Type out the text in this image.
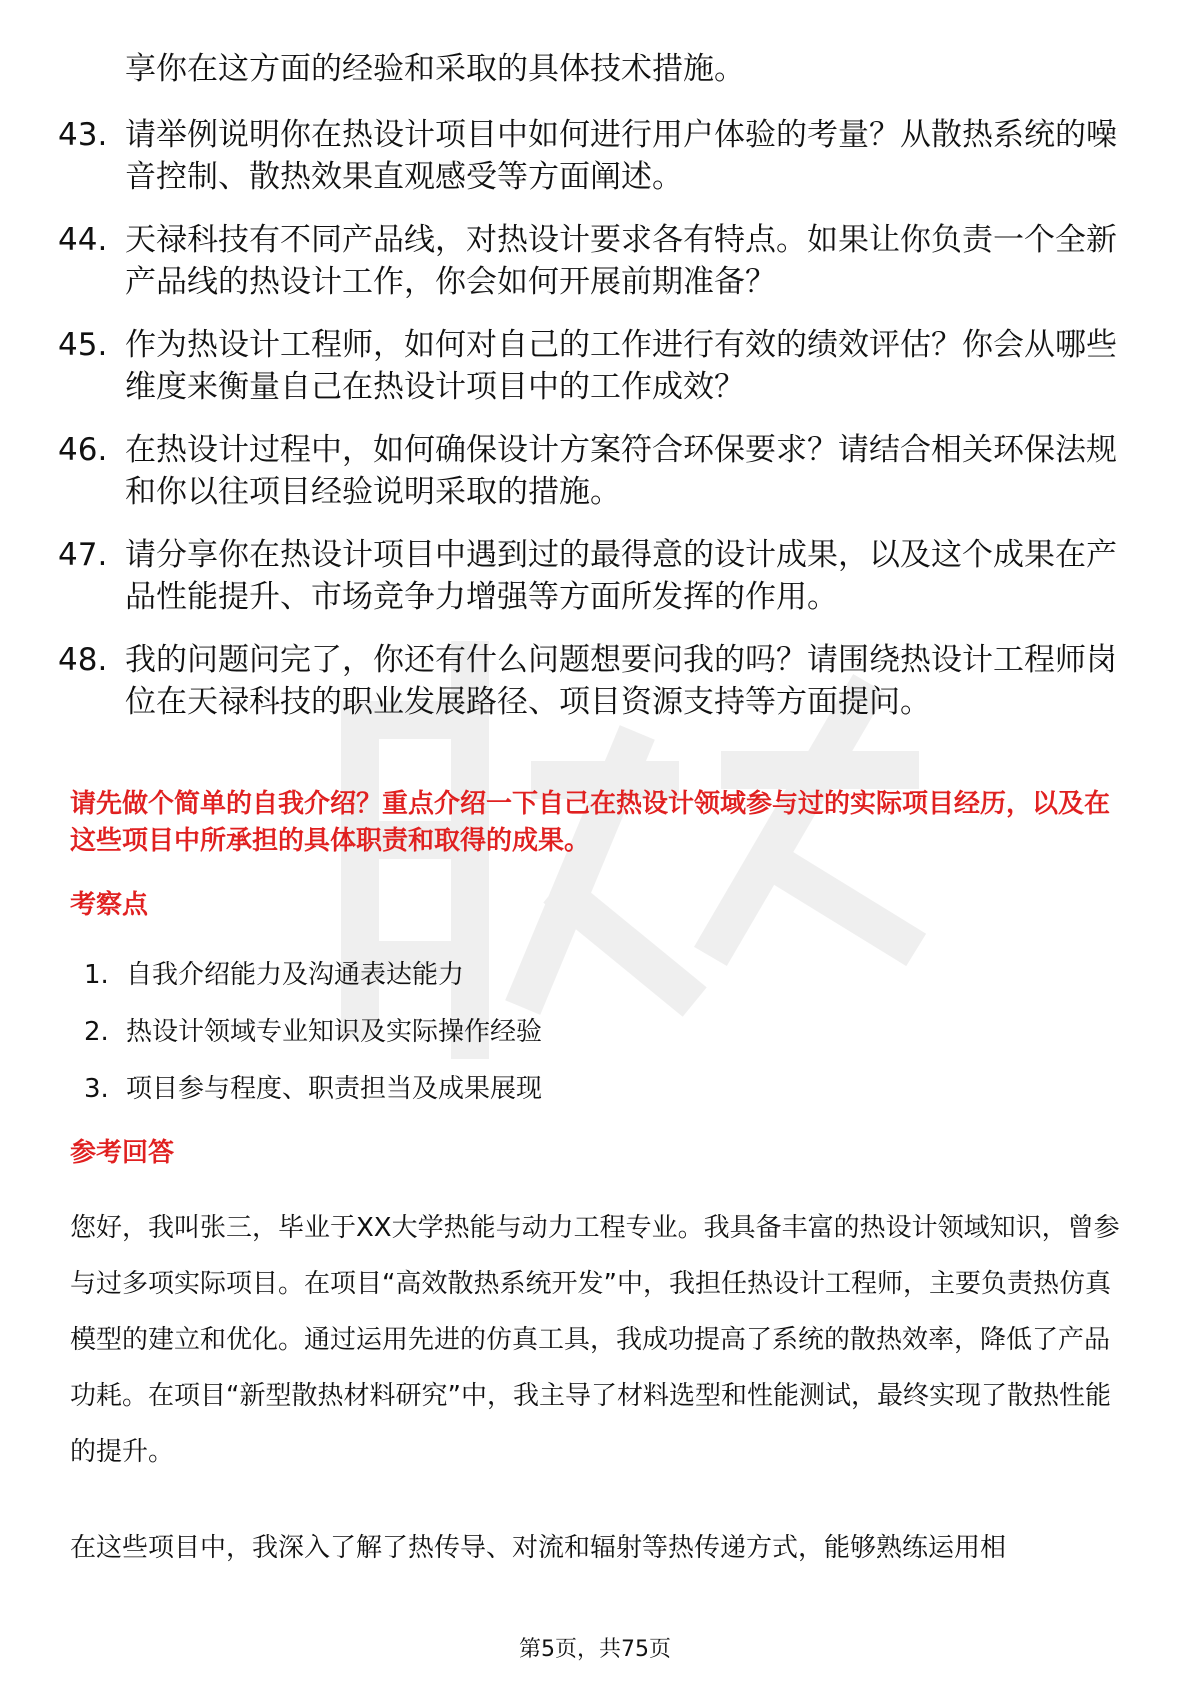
享你在这方面的经验和采取的具体技术措施。
43. 请举例说明你在热设计项目中如何进行用户体验的考量？从散热系统的噪音控制、散热效果直观感受等方面阐述。
44. 天禄科技有不同产品线，对热设计要求各有特点。如果让你负责一个全新产品线的热设计工作，你会如何开展前期准备？
45. 作为热设计工程师，如何对自己的工作进行有效的绩效评估？你会从哪些维度来衡量自己在热设计项目中的工作成效？
46. 在热设计过程中，如何确保设计方案符合环保要求？请结合相关环保法规和你以往项目经验说明采取的措施。
47. 请分享你在热设计项目中遇到过的最得意的设计成果，以及这个成果在产品性能提升、市场竞争力增强等方面所发挥的作用。
48. 我的问题问完了，你还有什么问题想要问我的吗？请围绕热设计工程师岗位在天禄科技的职业发展路径、项目资源支持等方面提问。
请先做个简单的自我介绍？重点介绍一下自己在热设计领域参与过的实际项目经历，以及在这些项目中所承担的具体职责和取得的成果。
考察点
1. 自我介绍能力及沟通表达能力
2. 热设计领域专业知识及实际操作经验
3. 项目参与程度、职责担当及成果展现
参考回答
您好，我叫张三，毕业于XX大学热能与动力工程专业。我具备丰富的热设计领域知识，曾参与过多项实际项目。在项目“高效散热系统开发”中，我担任热设计工程师，主要负责热仿真模型的建立和优化。通过运用先进的仿真工具，我成功提高了系统的散热效率，降低了产品功耗。在项目“新型散热材料研究”中，我主导了材料选型和性能测试，最终实现了散热性能的提升。
在这些项目中，我深入了解了热传导、对流和辐射等热传递方式，能够熟练运用相
第5页，共75页
